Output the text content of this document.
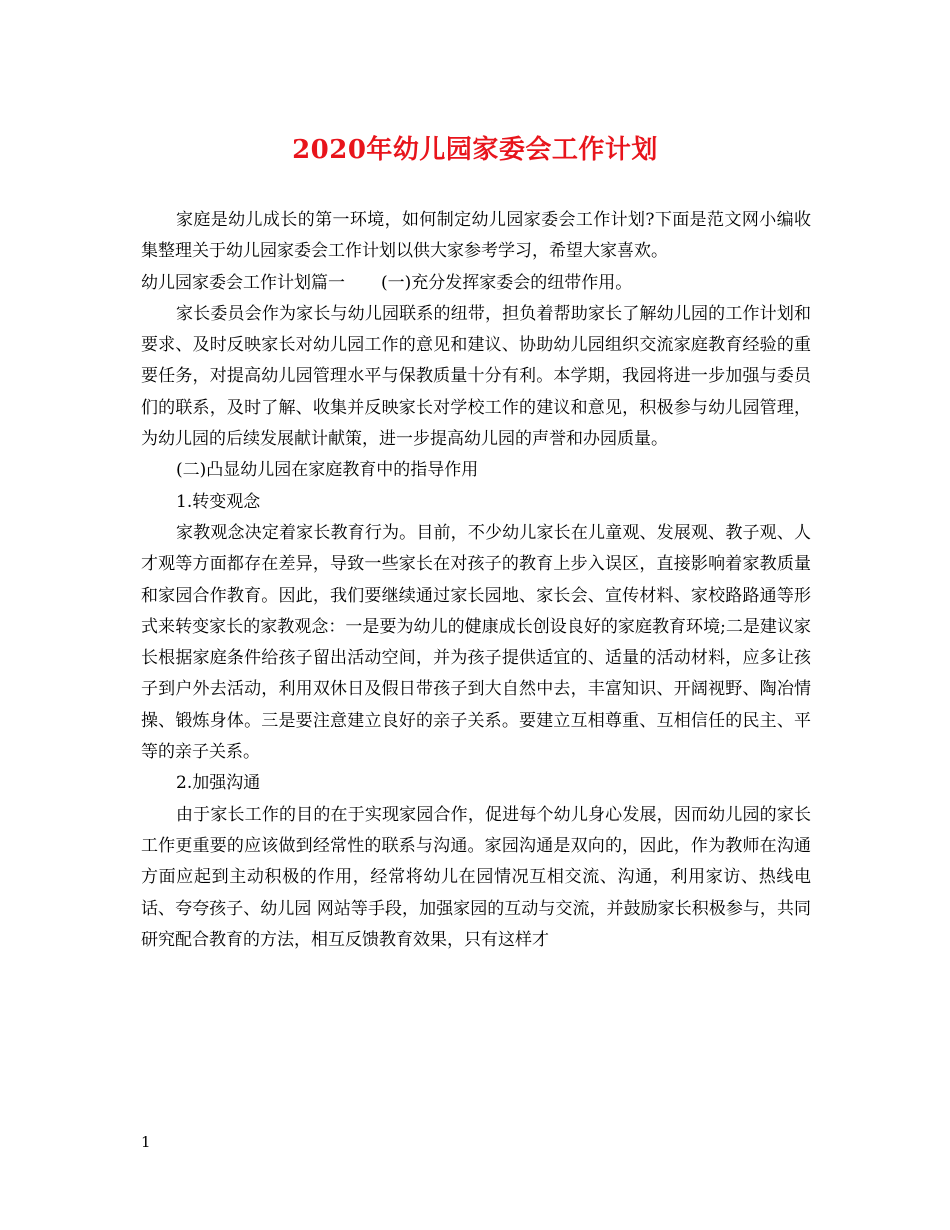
2020年幼儿园家委会工作计划

家庭是幼儿成长的第一环境，如何制定幼儿园家委会工作计划?下面是范文网小编收集整理关于幼儿园家委会工作计划以供大家参考学习，希望大家喜欢。

幼儿园家委会工作计划篇一 (一)充分发挥家委会的纽带作用。

家长委员会作为家长与幼儿园联系的纽带，担负着帮助家长了解幼儿园的工作计划和要求、及时反映家长对幼儿园工作的意见和建议、协助幼儿园组织交流家庭教育经验的重要任务，对提高幼儿园管理水平与保教质量十分有利。本学期，我园将进一步加强与委员们的联系，及时了解、收集并反映家长对学校工作的建议和意见，积极参与幼儿园管理，为幼儿园的后续发展献计献策，进一步提高幼儿园的声誉和办园质量。

(二)凸显幼儿园在家庭教育中的指导作用

1.转变观念

家教观念决定着家长教育行为。目前，不少幼儿家长在儿童观、发展观、教子观、人才观等方面都存在差异，导致一些家长在对孩子的教育上步入误区，直接影响着家教质量和家园合作教育。因此，我们要继续通过家长园地、家长会、宣传材料、家校路路通等形式来转变家长的家教观念：一是要为幼儿的健康成长创设良好的家庭教育环境;二是建议家长根据家庭条件给孩子留出活动空间，并为孩子提供适宜的、适量的活动材料，应多让孩子到户外去活动，利用双休日及假日带孩子到大自然中去，丰富知识、开阔视野、陶冶情操、锻炼身体。三是要注意建立良好的亲子关系。要建立互相尊重、互相信任的民主、平等的亲子关系。

2.加强沟通

由于家长工作的目的在于实现家园合作，促进每个幼儿身心发展，因而幼儿园的家长工作更重要的应该做到经常性的联系与沟通。家园沟通是双向的，因此，作为教师在沟通方面应起到主动积极的作用，经常将幼儿在园情况互相交流、沟通，利用家访、热线电话、夸夸孩子、幼儿园 网站等手段，加强家园的互动与交流，并鼓励家长积极参与，共同研究配合教育的方法，相互反馈教育效果，只有这样才

1
